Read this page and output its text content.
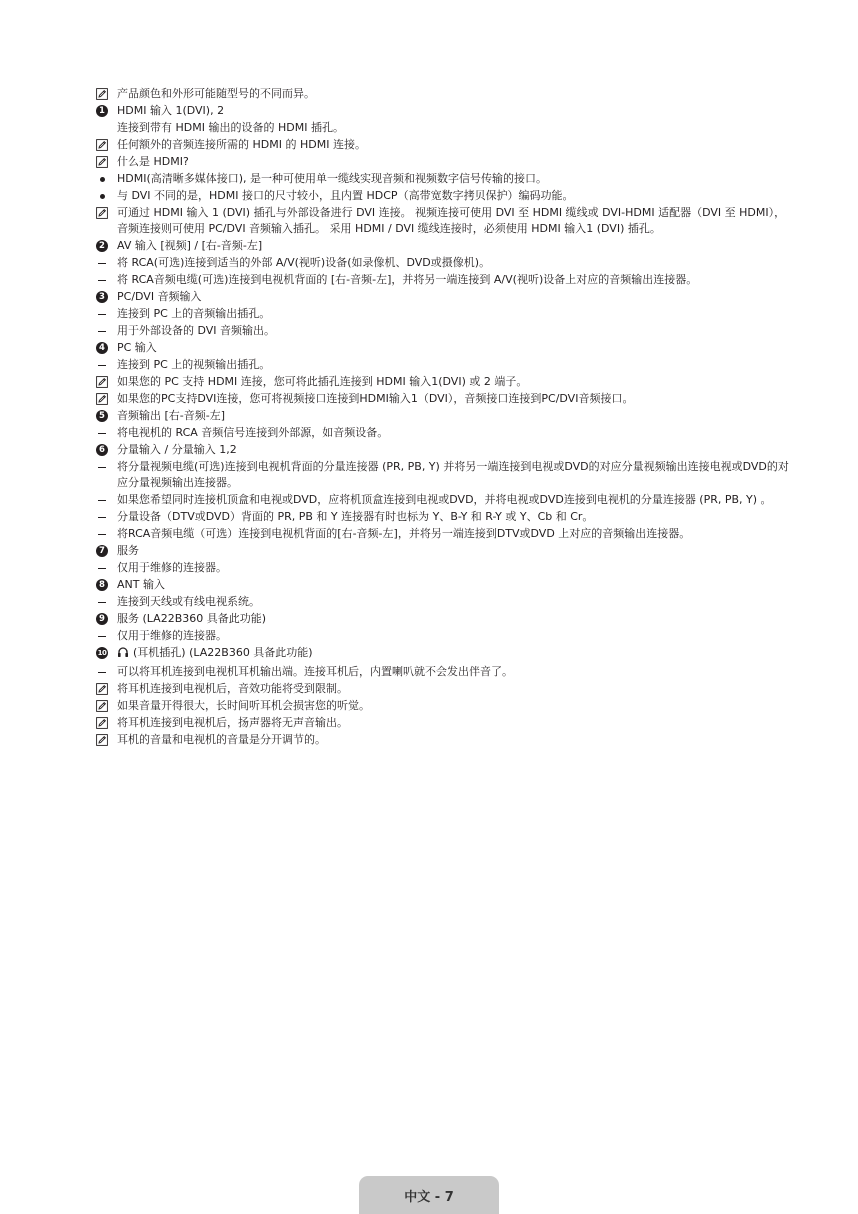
产品颜色和外形可能随型号的不同而异。
1 HDMI 输入 1(DVI), 2
连接到带有 HDMI 输出的设备的 HDMI 插孔。
任何额外的音频连接所需的 HDMI 的 HDMI 连接。
什么是 HDMI?
HDMI(高清晰多媒体接口), 是一种可使用单一缆线实现音频和视频数字信号传输的接口。
与 DVI 不同的是，HDMI 接口的尺寸较小，且内置 HDCP（高带宽数字拷贝保护）编码功能。
可通过 HDMI 输入 1 (DVI) 插孔与外部设备进行 DVI 连接。 视频连接可使用 DVI 至 HDMI 缆线或 DVI-HDMI 适配器（DVI 至 HDMI），音频连接则可使用 PC/DVI 音频输入插孔。 采用 HDMI / DVI 缆线连接时，必须使用 HDMI 输入1 (DVI) 插孔。
2 AV 输入 [视频] / [右-音频-左]
将 RCA(可选)连接到适当的外部 A/V(视听)设备(如录像机、DVD或摄像机)。
将 RCA音频电缆(可选)连接到电视机背面的 [右-音频-左]，并将另一端连接到 A/V(视听)设备上对应的音频输出连接器。
3 PC/DVI 音频输入
连接到 PC 上的音频输出插孔。
用于外部设备的 DVI 音频输出。
4 PC 输入
连接到 PC 上的视频输出插孔。
如果您的 PC 支持 HDMI 连接，您可将此插孔连接到 HDMI 输入1(DVI) 或 2 端子。
如果您的PC支持DVI连接，您可将视频接口连接到HDMI输入1（DVI），音频接口连接到PC/DVI音频接口。
5 音频输出 [右-音频-左]
将电视机的 RCA 音频信号连接到外部源，如音频设备。
6 分量输入 / 分量输入 1,2
将分量视频电缆(可选)连接到电视机背面的分量连接器 (PR, PB, Y) 并将另一端连接到电视或DVD的对应分量视频输出连接电视或DVD的对应分量视频输出连接器。
如果您希望同时连接机顶盒和电视或DVD，应将机顶盒连接到电视或DVD，并将电视或DVD连接到电视机的分量连接器 (PR, PB, Y) 。
分量设备（DTV或DVD）背面的 PR, PB 和 Y 连接器有时也标为 Y、B-Y 和 R-Y 或 Y、Cb 和 Cr。
将RCA音频电缆（可选）连接到电视机背面的[右-音频-左]，并将另一端连接到DTV或DVD 上对应的音频输出连接器。
7 服务
仅用于维修的连接器。
8 ANT 输入
连接到天线或有线电视系统。
9 服务 (LA22B360 具备此功能)
仅用于维修的连接器。
10 (耳机插孔) (LA22B360 具备此功能)
可以将耳机连接到电视机耳机输出端。连接耳机后，内置喇叭就不会发出伴音了。
将耳机连接到电视机后，音效功能将受到限制。
如果音量开得很大，长时间听耳机会损害您的听觉。
将耳机连接到电视机后，扬声器将无声音输出。
耳机的音量和电视机的音量是分开调节的。
中文 - 7
